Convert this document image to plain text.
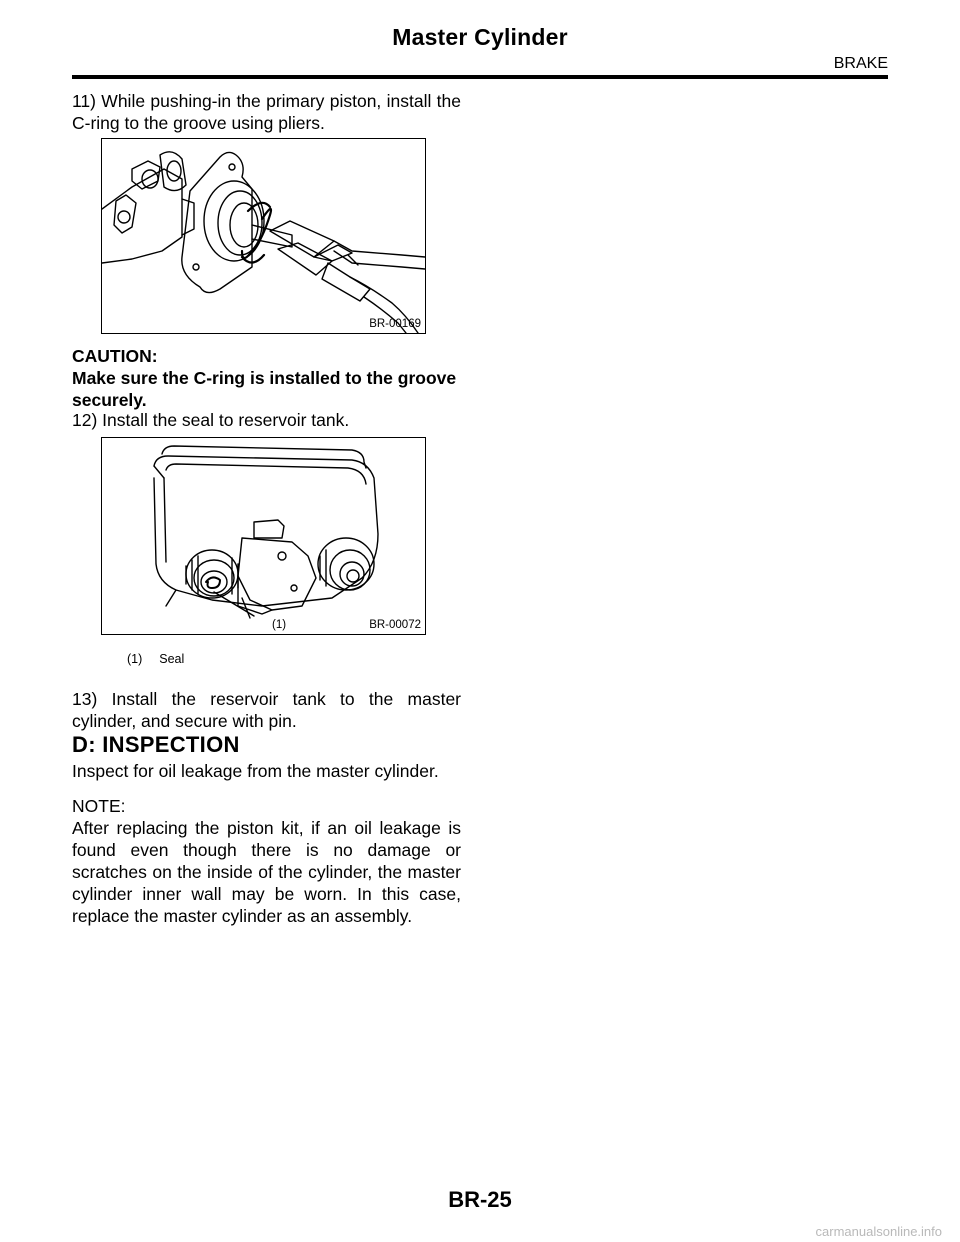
Master Cylinder
BRAKE
11) While pushing-in the primary piston, install the C-ring to the groove using pliers.
BR-00169
CAUTION:
Make sure the C-ring is installed to the groove securely.
12) Install the seal to reservoir tank.
(1)	BR-00072
(1) Seal
13) Install the reservoir tank to the master cylinder, and secure with pin.
D: INSPECTION
Inspect for oil leakage from the master cylinder.
NOTE:
After replacing the piston kit, if an oil leakage is found even though there is no damage or scratches on the inside of the cylinder, the master cylinder inner wall may be worn. In this case, replace the master cylinder as an assembly.
BR-25
carmanualsonline.info
